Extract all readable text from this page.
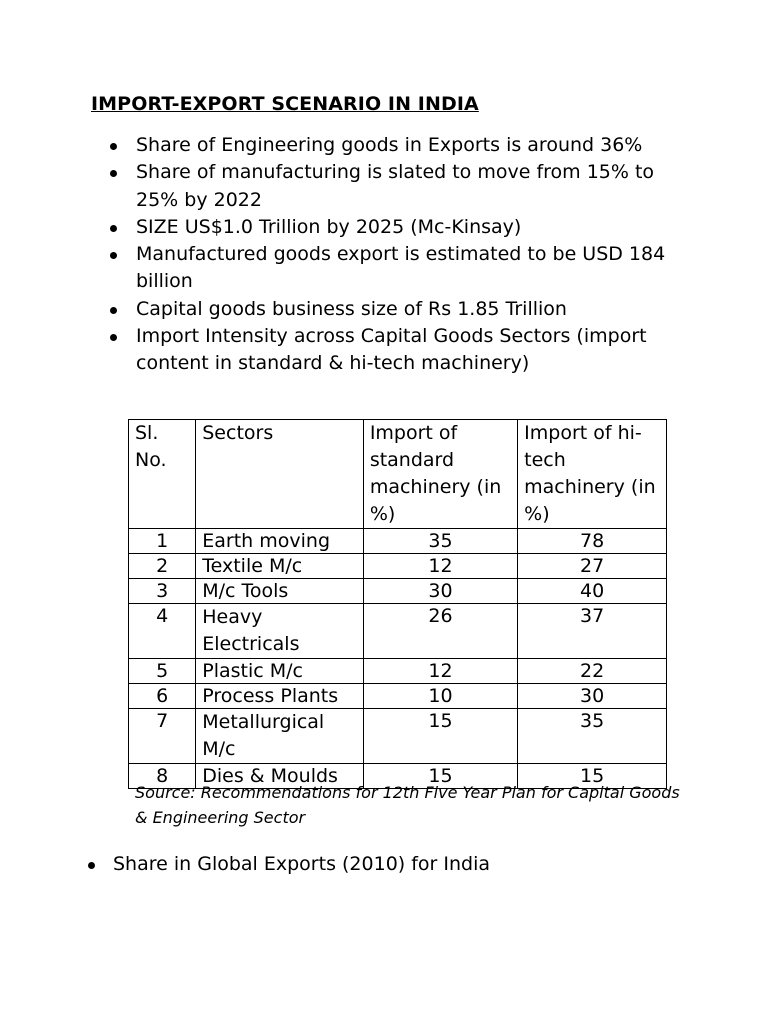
IMPORT-EXPORT SCENARIO IN INDIA
Share of Engineering goods in Exports is around 36%
Share of manufacturing is slated to move from 15% to 25% by 2022
SIZE US$1.0 Trillion by 2025 (Mc-Kinsay)
Manufactured goods export is estimated to be USD 184 billion
Capital goods business size of Rs 1.85 Trillion
Import Intensity across Capital Goods Sectors (import content in standard & hi-tech machinery)
Sl. No.	Sectors	Import of standard machinery (in %)	Import of hi-tech machinery (in %)
1	Earth moving	35	78
2	Textile M/c	12	27
3	M/c Tools	30	40
4	Heavy Electricals	26	37
5	Plastic M/c	12	22
6	Process Plants	10	30
7	Metallurgical M/c	15	35
8	Dies & Moulds	15	15
Source: Recommendations for 12th Five Year Plan for Capital Goods & Engineering Sector
Share in Global Exports (2010) for India
